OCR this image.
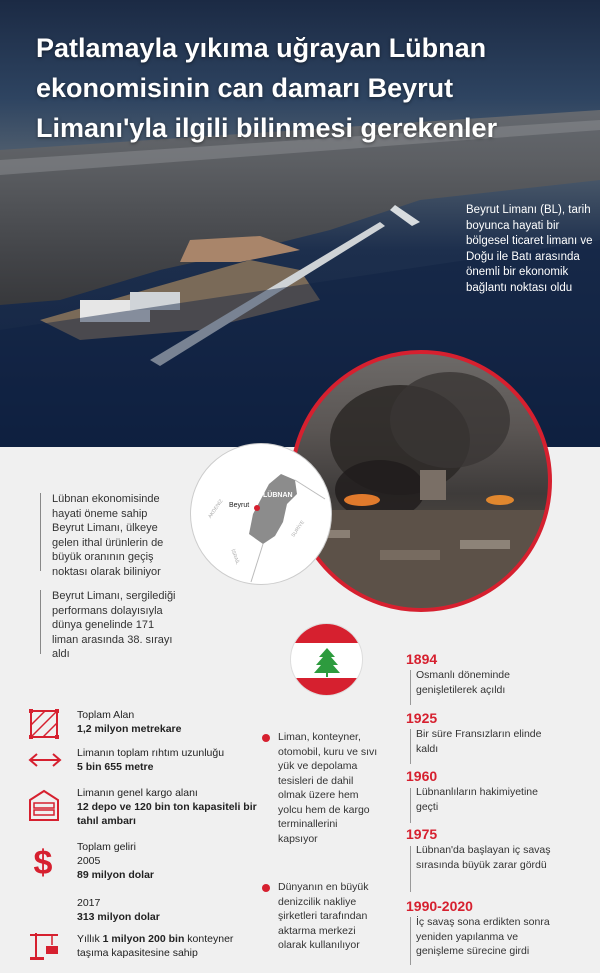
Patlamayla yıkıma uğrayan Lübnan ekonomisinin can damarı Beyrut Limanı'yla ilgili bilinmesi gerekenler
Beyrut Limanı (BL), tarih boyunca hayati bir bölgesel ticaret limanı ve Doğu ile Batı arasında önemli bir ekonomik bağlantı noktası oldu
LÜBNAN
Beyrut
AKDENİZ
SURİYE
İSRAİL

Lübnan ekonomisinde hayati öneme sahip Beyrut Limanı, ülkeye gelen ithal ürünlerin de büyük oranının geçiş noktası olarak biliniyor

Beyrut Limanı, sergilediği performans dolayısıyla dünya genelinde 171 liman arasında 38. sırayı aldı

Toplam Alan
1,2 milyon metrekare
Limanın toplam rıhtım uzunluğu
5 bin 655 metre
Limanın genel kargo alanı
12 depo ve 120 bin ton kapasiteli bir tahıl ambarı
$ Toplam geliri
2005
89 milyon dolar
2017
313 milyon dolar
Yıllık 1 milyon 200 bin konteyner taşıma kapasitesine sahip

Liman, konteyner, otomobil, kuru ve sıvı yük ve depolama tesisleri de dahil olmak üzere hem yolcu hem de kargo terminallerini kapsıyor

Dünyanın en büyük denizcilik nakliye şirketleri tarafından aktarma merkezi olarak kullanılıyor

1894

Osmanlı döneminde genişletilerek açıldı

1925

Bir süre Fransızların elinde kaldı

1960

Lübnanlıların hakimiyetine geçti

1975

Lübnan'da başlayan iç savaş sırasında büyük zarar gördü

1990-2020

İç savaş sona erdikten sonra yeniden yapılanma ve genişleme sürecine girdi
